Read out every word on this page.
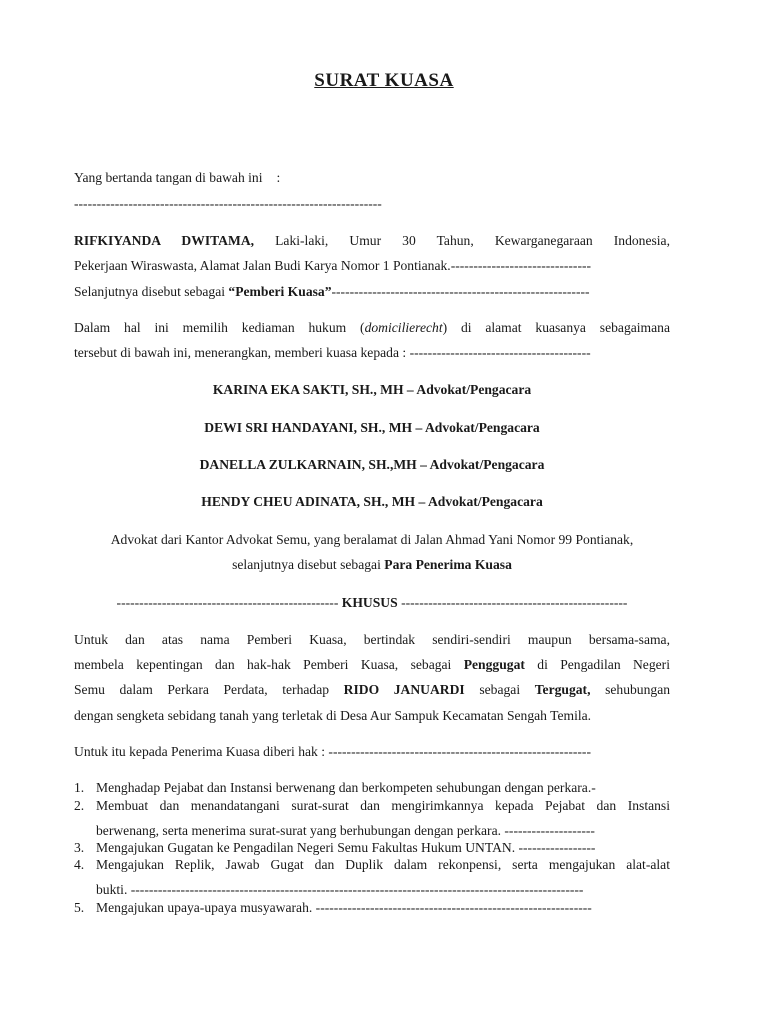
SURAT KUASA
Yang bertanda tangan di bawah ini :
--------------------------------------------------------------------
RIFKIYANDA DWITAMA, Laki-laki, Umur 30 Tahun, Kewarganegaraan Indonesia,
Pekerjaan Wiraswasta, Alamat Jalan Budi Karya Nomor 1 Pontianak.-------------------------------
Selanjutnya disebut sebagai “Pemberi Kuasa”---------------------------------------------------------
Dalam hal ini memilih kediaman hukum (domicilierecht) di alamat kuasanya sebagaimana
tersebut di bawah ini, menerangkan, memberi kuasa kepada : ----------------------------------------
KARINA EKA SAKTI, SH., MH – Advokat/Pengacara
DEWI SRI HANDAYANI, SH., MH – Advokat/Pengacara
DANELLA ZULKARNAIN, SH.,MH – Advokat/Pengacara
HENDY CHEU ADINATA, SH., MH – Advokat/Pengacara
Advokat dari Kantor Advokat Semu, yang beralamat di Jalan Ahmad Yani Nomor 99 Pontianak,
selanjutnya disebut sebagai Para Penerima Kuasa
------------------------------------------------- KHUSUS --------------------------------------------------
Untuk dan atas nama Pemberi Kuasa, bertindak sendiri-sendiri maupun bersama-sama,
membela kepentingan dan hak-hak Pemberi Kuasa, sebagai Penggugat di Pengadilan Negeri
Semu dalam Perkara Perdata, terhadap RIDO JANUARDI sebagai Tergugat, sehubungan
dengan sengketa sebidang tanah yang terletak di Desa Aur Sampuk Kecamatan Sengah Temila.
Untuk itu kepada Penerima Kuasa diberi hak : ----------------------------------------------------------
1. Menghadap Pejabat dan Instansi berwenang dan berkompeten sehubungan dengan perkara.-
2. Membuat dan menandatangani surat-surat dan mengirimkannya kepada Pejabat dan Instansi
berwenang, serta menerima surat-surat yang berhubungan dengan perkara. --------------------
3. Mengajukan Gugatan ke Pengadilan Negeri Semu Fakultas Hukum UNTAN. -----------------
4. Mengajukan Replik, Jawab Gugat dan Duplik dalam rekonpensi, serta mengajukan alat-alat
bukti. ----------------------------------------------------------------------------------------------------
5. Mengajukan upaya-upaya musyawarah. -------------------------------------------------------------
